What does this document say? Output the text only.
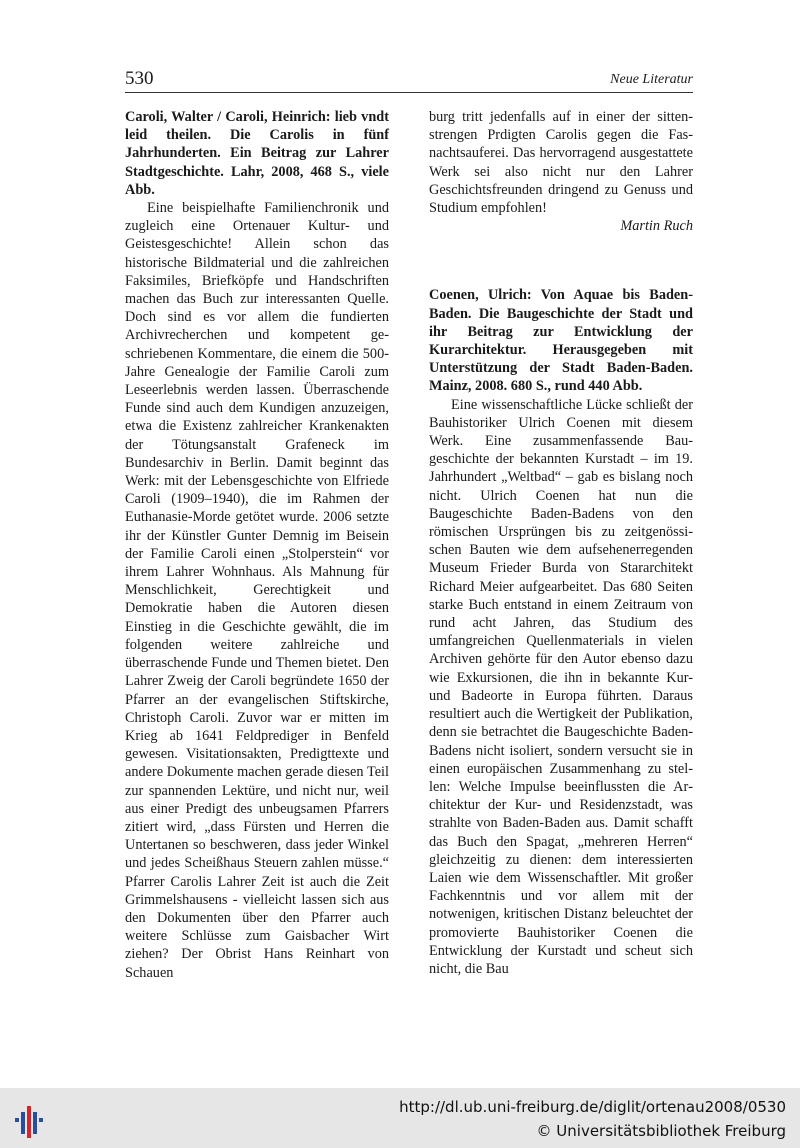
530	Neue Literatur

Caroli, Walter / Caroli, Heinrich: lieb vndt leid theilen. Die Carolis in fünf Jahrhunderten. Ein Beitrag zur Lahrer Stadtgeschichte. Lahr, 2008, 468 S., viele Abb.

Eine beispielhafte Familienchronik und zugleich eine Ortenauer Kultur- und Geistesgeschichte! Allein schon das historische Bildmaterial und die zahlreichen Faksimiles, Briefköpfe und Handschriften machen das Buch zur interessanten Quelle. Doch sind es vor allem die fundierten Archivrecherchen und kompetent geschriebenen Kommentare, die einem die 500-Jahre Genealogie der Familie Caroli zum Leseerlebnis werden lassen. Überraschende Funde sind auch dem Kundigen anzuzeigen, etwa die Existenz zahlreicher Krankenakten der Tötungsanstalt Grafeneck im Bundesarchiv in Berlin. Damit beginnt das Werk: mit der Lebensgeschichte von Elfriede Caroli (1909–1940), die im Rahmen der Euthanasie-Morde getötet wurde. 2006 setzte ihr der Künstler Gunter Demnig im Beisein der Familie Caroli einen „Stolperstein“ vor ihrem Lahrer Wohnhaus. Als Mahnung für Menschlichkeit, Gerechtigkeit und Demokratie haben die Autoren diesen Einstieg in die Geschichte gewählt, die im folgenden weitere zahlreiche und überraschende Funde und Themen bietet. Den Lahrer Zweig der Caroli begründete 1650 der Pfarrer an der evangelischen Stiftskirche, Christoph Caroli. Zuvor war er mitten im Krieg ab 1641 Feldprediger in Benfeld gewesen. Visitationsakten, Predigttexte und andere Dokumente machen gerade diesen Teil zur spannenden Lektüre, und nicht nur, weil aus einer Predigt des unbeugsamen Pfarrers zitiert wird, „dass Fürsten und Herren die Untertanen so beschweren, dass jeder Winkel und jedes Scheißhaus Steuern zahlen müsse.“ Pfarrer Carolis Lahrer Zeit ist auch die Zeit Grimmelshausens - vielleicht lassen sich aus den Dokumenten über den Pfarrer auch weitere Schlüsse zum Gaisbacher Wirt ziehen? Der Obrist Hans Reinhart von Schauen

burg tritt jedenfalls auf in einer der sittenstrengen Prdigten Carolis gegen die Fasnachtsauferei. Das hervorragend ausgestattete Werk sei also nicht nur den Lahrer Geschichtsfreunden dringend zu Genuss und Studium empfohlen!

Martin Ruch

Coenen, Ulrich: Von Aquae bis Baden-Baden. Die Baugeschichte der Stadt und ihr Beitrag zur Entwicklung der Kurarchitektur. Herausgegeben mit Unterstützung der Stadt Baden-Baden. Mainz, 2008. 680 S., rund 440 Abb.

Eine wissenschaftliche Lücke schließt der Bauhistoriker Ulrich Coenen mit diesem Werk. Eine zusammenfassende Baugeschichte der bekannten Kurstadt – im 19. Jahrhundert „Weltbad“ – gab es bislang noch nicht. Ulrich Coenen hat nun die Baugeschichte Baden-Badens von den römischen Ursprüngen bis zu zeitgenössischen Bauten wie dem aufsehenerregenden Museum Frieder Burda von Stararchitekt Richard Meier aufgearbeitet. Das 680 Seiten starke Buch entstand in einem Zeitraum von rund acht Jahren, das Studium des umfangreichen Quellenmaterials in vielen Archiven gehörte für den Autor ebenso dazu wie Exkursionen, die ihn in bekannte Kur- und Badeorte in Europa führten. Daraus resultiert auch die Wertigkeit der Publikation, denn sie betrachtet die Baugeschichte Baden-Badens nicht isoliert, sondern versucht sie in einen europäischen Zusammenhang zu stellen: Welche Impulse beeinflussten die Architektur der Kur- und Residenzstadt, was strahlte von Baden-Baden aus. Damit schafft das Buch den Spagat, „mehreren Herren“ gleichzeitig zu dienen: dem interessierten Laien wie dem Wissenschaftler. Mit großer Fachkenntnis und vor allem mit der notwenigen, kritischen Distanz beleuchtet der promovierte Bauhistoriker Coenen die Entwicklung der Kurstadt und scheut sich nicht, die Bau

http://dl.ub.uni-freiburg.de/diglit/ortenau2008/0530
© Universitätsbibliothek Freiburg
